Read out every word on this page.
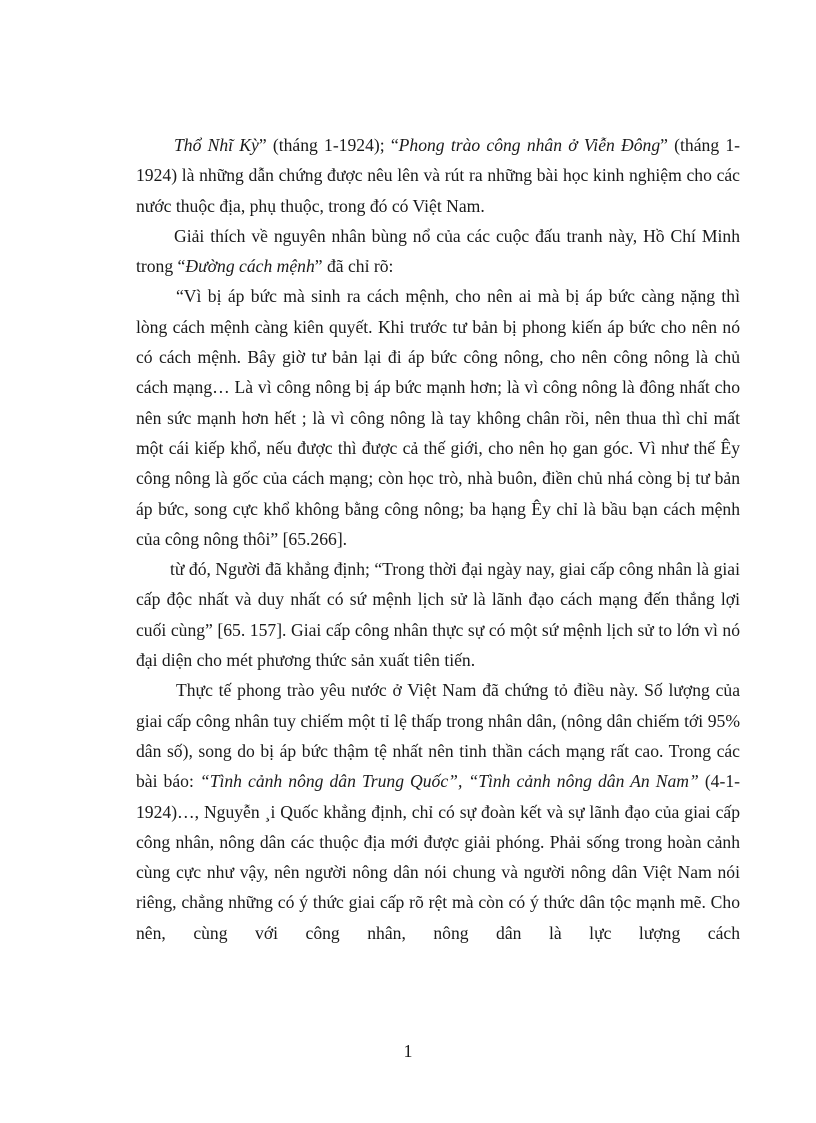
Thổ Nhĩ Kỳ” (tháng 1-1924); “Phong trào công nhân ở Viễn Đông” (tháng 1-1924) là những dẫn chứng được nêu lên và rút ra những bài học kinh nghiệm cho các nước thuộc địa, phụ thuộc, trong đó có Việt Nam.

Giải thích về nguyên nhân bùng nổ của các cuộc đấu tranh này, Hồ Chí Minh trong “Đường cách mệnh” đã chỉ rõ:

“Vì bị áp bức mà sinh ra cách mệnh, cho nên ai mà bị áp bức càng nặng thì lòng cách mệnh càng kiên quyết. Khi trước tư bản bị phong kiến áp bức cho nên nó có cách mệnh. Bây giờ tư bản lại đi áp bức công nông, cho nên công nông là chủ cách mạng… Là vì công nông bị áp bức mạnh hơn; là vì công nông là đông nhất cho nên sức mạnh hơn hết ; là vì công nông là tay không chân rồi, nên thua thì chỉ mất một cái kiếp khổ, nếu được thì được cả thế giới, cho nên họ gan góc. Vì như thế Êy công nông là gốc của cách mạng; còn học trò, nhà buôn, điền chủ nhá còng bị tư bản áp bức, song cực khổ không bằng công nông; ba hạng Êy chỉ là bầu bạn cách mệnh của công nông thôi” [65.266].

từ đó, Người đã khẳng định; “Trong thời đại ngày nay, giai cấp công nhân là giai cấp độc nhất và duy nhất có sứ mệnh lịch sử là lãnh đạo cách mạng đến thắng lợi cuối cùng” [65. 157]. Giai cấp công nhân thực sự có một sứ mệnh lịch sử to lớn vì nó đại diện cho mét phương thức sản xuất tiên tiến.

Thực tế phong trào yêu nước ở Việt Nam đã chứng tỏ điều này. Số lượng của giai cấp công nhân tuy chiếm một tỉ lệ thấp trong nhân dân, (nông dân chiếm tới 95% dân số), song do bị áp bức thậm tệ nhất nên tinh thần cách mạng rất cao. Trong các bài báo: “Tình cảnh nông dân Trung Quốc”, “Tình cảnh nông dân An Nam” (4-1-1924)…, Nguyễn ¸i Quốc khẳng định, chỉ có sự đoàn kết và sự lãnh đạo của giai cấp công nhân, nông dân các thuộc địa mới được giải phóng. Phải sống trong hoàn cảnh cùng cực như vậy, nên người nông dân nói chung và người nông dân Việt Nam nói riêng, chẳng những có ý thức giai cấp rõ rệt mà còn có ý thức dân tộc mạnh mẽ. Cho nên, cùng với công nhân, nông dân là lực lượng cách

1
